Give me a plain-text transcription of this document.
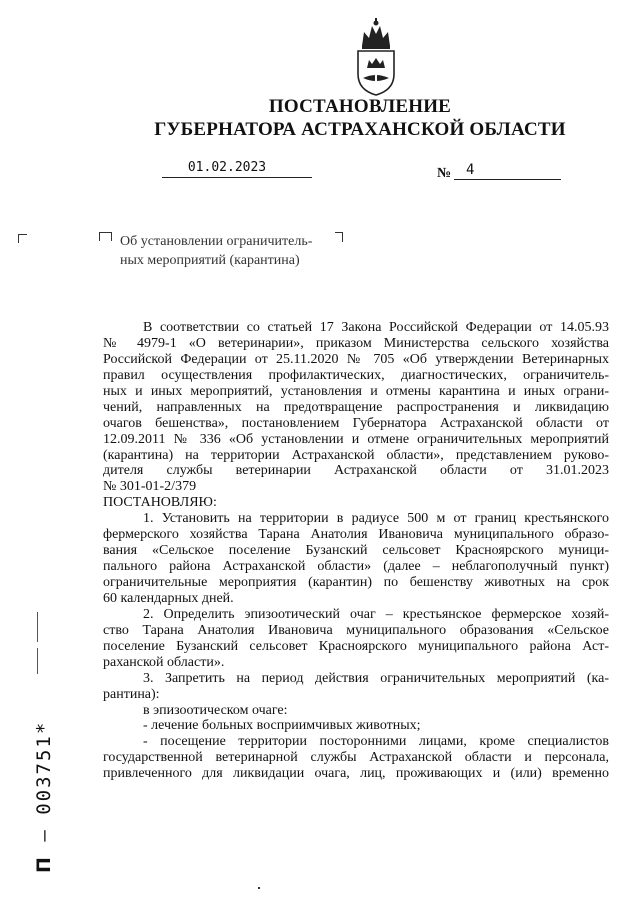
ПОСТАНОВЛЕНИЕ
ГУБЕРНАТОРА АСТРАХАНСКОЙ ОБЛАСТИ
01.02.2023	№	4
Об установлении ограничитель-
ных мероприятий (карантина)
В соответствии со статьей 17 Закона Российской Федерации от 14.05.93
№ 4979-1 «О ветеринарии», приказом Министерства сельского хозяйства
Российской Федерации от 25.11.2020 № 705 «Об утверждении Ветеринарных
правил осуществления профилактических, диагностических, ограничитель-
ных и иных мероприятий, установления и отмены карантина и иных ограни-
чений, направленных на предотвращение распространения и ликвидацию
очагов бешенства», постановлением Губернатора Астраханской области от
12.09.2011 № 336 «Об установлении и отмене ограничительных мероприятий
(карантина) на территории Астраханской области», представлением руково-
дителя службы ветеринарии Астраханской области от 31.01.2023
№ 301-01-2/379
ПОСТАНОВЛЯЮ:
1. Установить на территории в радиусе 500 м от границ крестьянского
фермерского хозяйства Тарана Анатолия Ивановича муниципального образо-
вания «Сельское поселение Бузанский сельсовет Красноярского муници-
пального района Астраханской области» (далее – неблагополучный пункт)
ограничительные мероприятия (карантин) по бешенству животных на срок
60 календарных дней.
2. Определить эпизоотический очаг – крестьянское фермерское хозяй-
ство Тарана Анатолия Ивановича муниципального образования «Сельское
поселение Бузанский сельсовет Красноярского муниципального района Аст-
раханской области».
3. Запретить на период действия ограничительных мероприятий (ка-
рантина):
в эпизоотическом очаге:
- лечение больных восприимчивых животных;
- посещение территории посторонними лицами, кроме специалистов
государственной ветеринарной службы Астраханской области и персонала,
привлеченного для ликвидации очага, лиц, проживающих и (или) временно
П – 003751*
